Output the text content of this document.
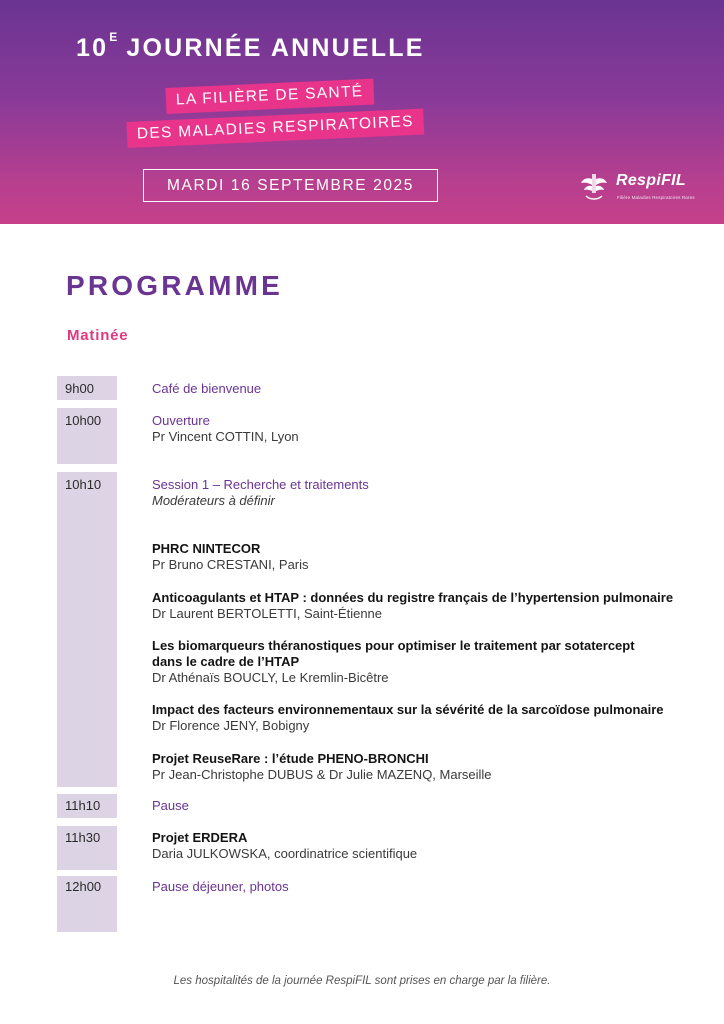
$10^E$ JOURNÉE ANNUELLE
LA FILIÈRE DE SANTÉ
DES MALADIES RESPIRATOIRES
MARDI 16 SEPTEMBRE 2025	RespiFIL
Filière Maladies Respiratoires Rares
PROGRAMME
Matinée
9h00
10h00
10h10
11h10
11h30
12h00
Café de bienvenue
Ouverture
Pr Vincent COTTIN, Lyon
Session 1 – Recherche et traitements
Modérateurs à définir
PHRC NINTECOR
Pr Bruno CRESTANI, Paris
Anticoagulants et HTAP : données du registre français de l’hypertension pulmonaire
Dr Laurent BERTOLETTI, Saint-Étienne
Les biomarqueurs théranostiques pour optimiser le traitement par sotatercept
dans le cadre de l’HTAP
Dr Athénaïs BOUCLY, Le Kremlin-Bicêtre
Impact des facteurs environnementaux sur la sévérité de la sarcoïdose pulmonaire
Dr Florence JENY, Bobigny
Projet ReuseRare : l’étude PHENO-BRONCHI
Pr Jean-Christophe DUBUS & Dr Julie MAZENQ, Marseille
Pause
Projet ERDERA
Daria JULKOWSKA, coordinatrice scientifique
Pause déjeuner, photos
Les hospitalités de la journée RespiFIL sont prises en charge par la filière.
